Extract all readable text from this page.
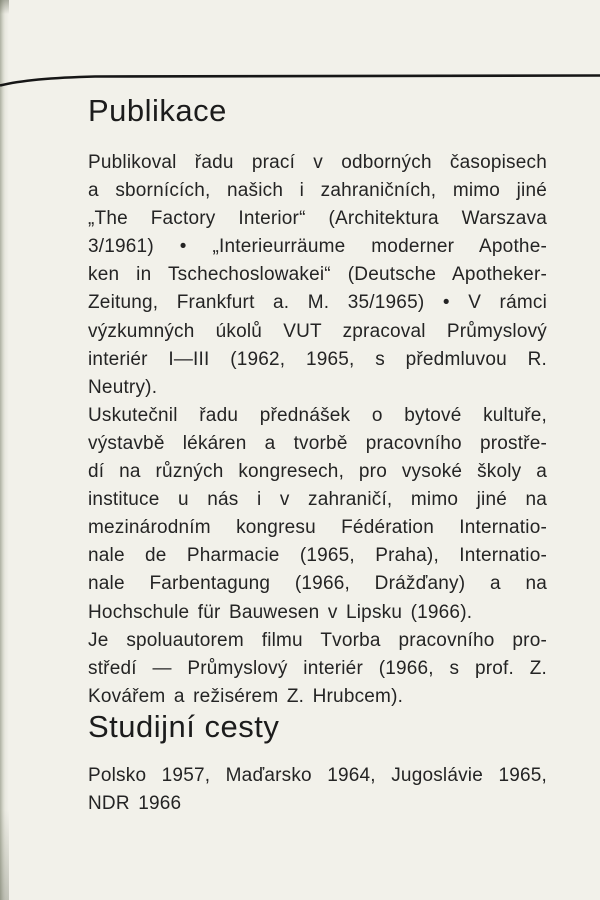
Publikace
Publikoval řadu prací v odborných časopisech
a sbornících, našich i zahraničních, mimo jiné
„The Factory Interior“ (Architektura Warszava
3/1961) • „Interieurräume moderner Apothe-
ken in Tschechoslowakei“ (Deutsche Apotheker-
Zeitung, Frankfurt a. M. 35/1965) • V rámci
výzkumných úkolů VUT zpracoval Průmyslový
interiér I—III (1962, 1965, s předmluvou R.
Neutry).
Uskutečnil řadu přednášek o bytové kultuře,
výstavbě lékáren a tvorbě pracovního prostře-
dí na různých kongresech, pro vysoké školy a
instituce u nás i v zahraničí, mimo jiné na
mezinárodním kongresu Fédération Internatio-
nale de Pharmacie (1965, Praha), Internatio-
nale Farbentagung (1966, Drážďany) a na
Hochschule für Bauwesen v Lipsku (1966).
Je spoluautorem filmu Tvorba pracovního pro-
středí — Průmyslový interiér (1966, s prof. Z.
Kovářem a režisérem Z. Hrubcem).
Studijní cesty
Polsko 1957, Maďarsko 1964, Jugoslávie 1965,
NDR 1966
